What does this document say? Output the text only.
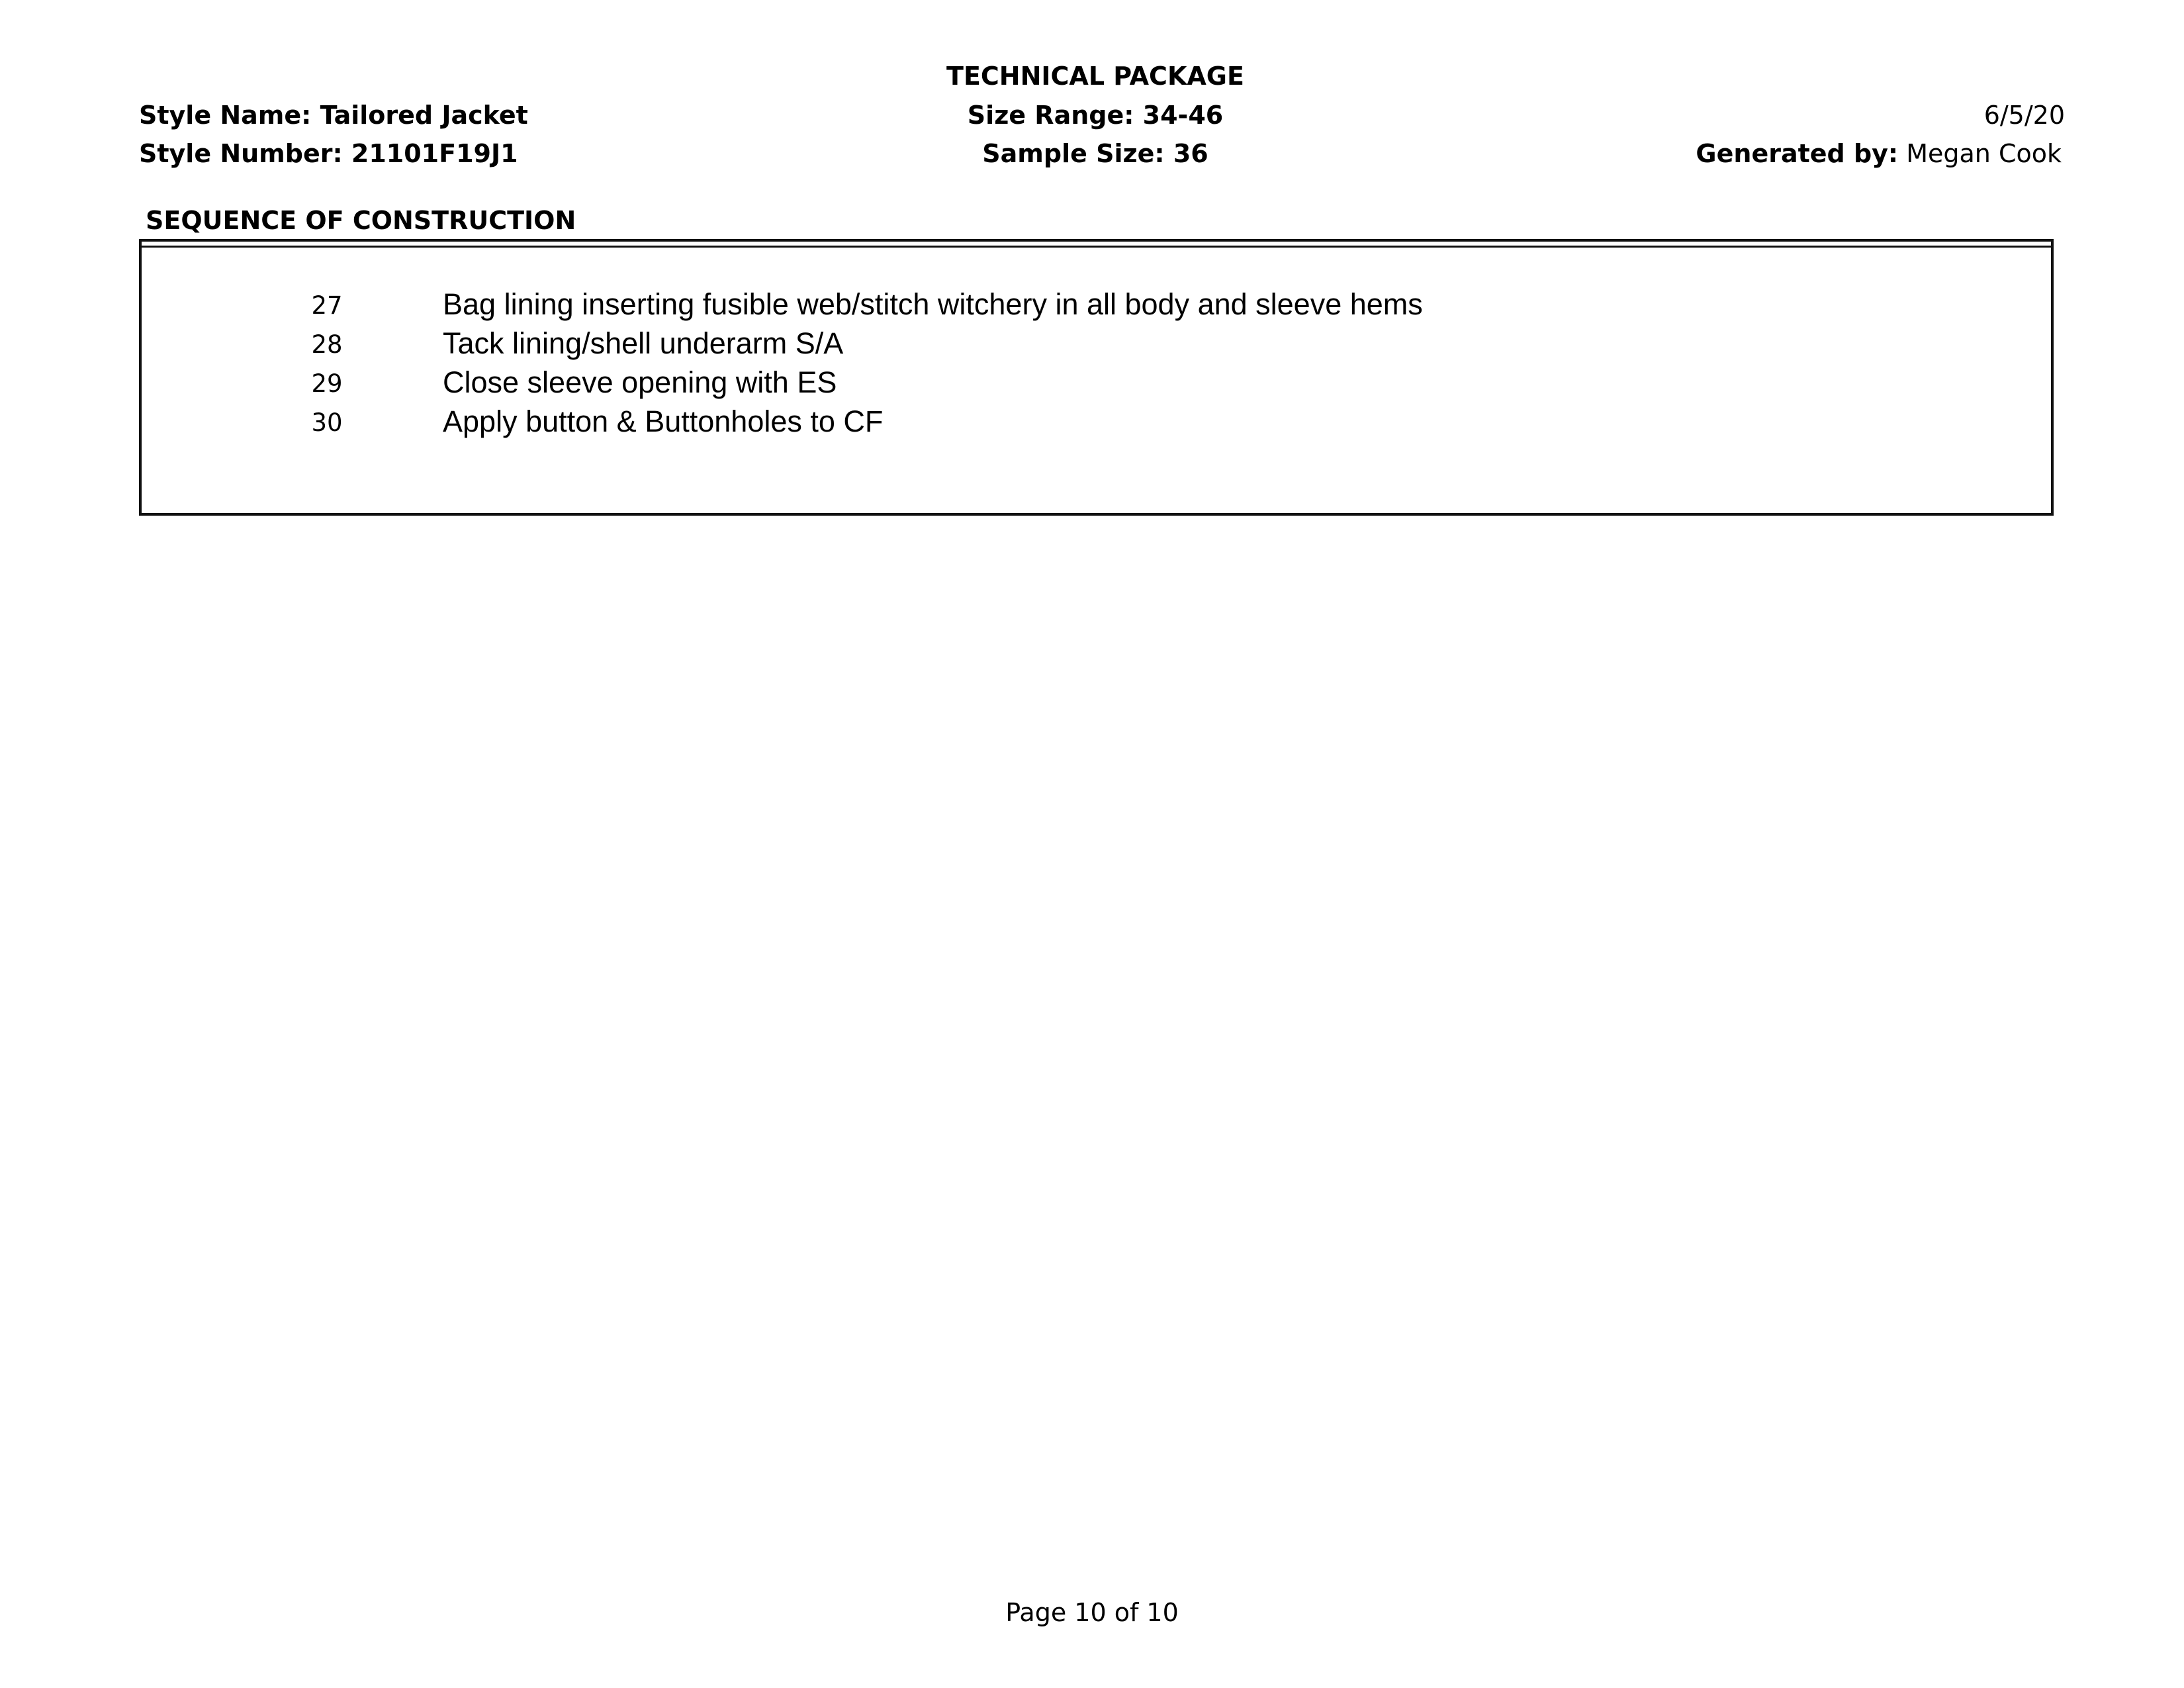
TECHNICAL PACKAGE
Size Range: 34-46
Sample Size: 36
Style Name: Tailored Jacket
Style Number: 21101F19J1
6/5/20
Generated by: Megan Cook
SEQUENCE OF CONSTRUCTION
27	Bag lining inserting fusible web/stitch witchery in all body and sleeve hems
28	Tack lining/shell underarm S/A
29	Close sleeve opening with ES
30	Apply button & Buttonholes to CF
Page 10 of 10
